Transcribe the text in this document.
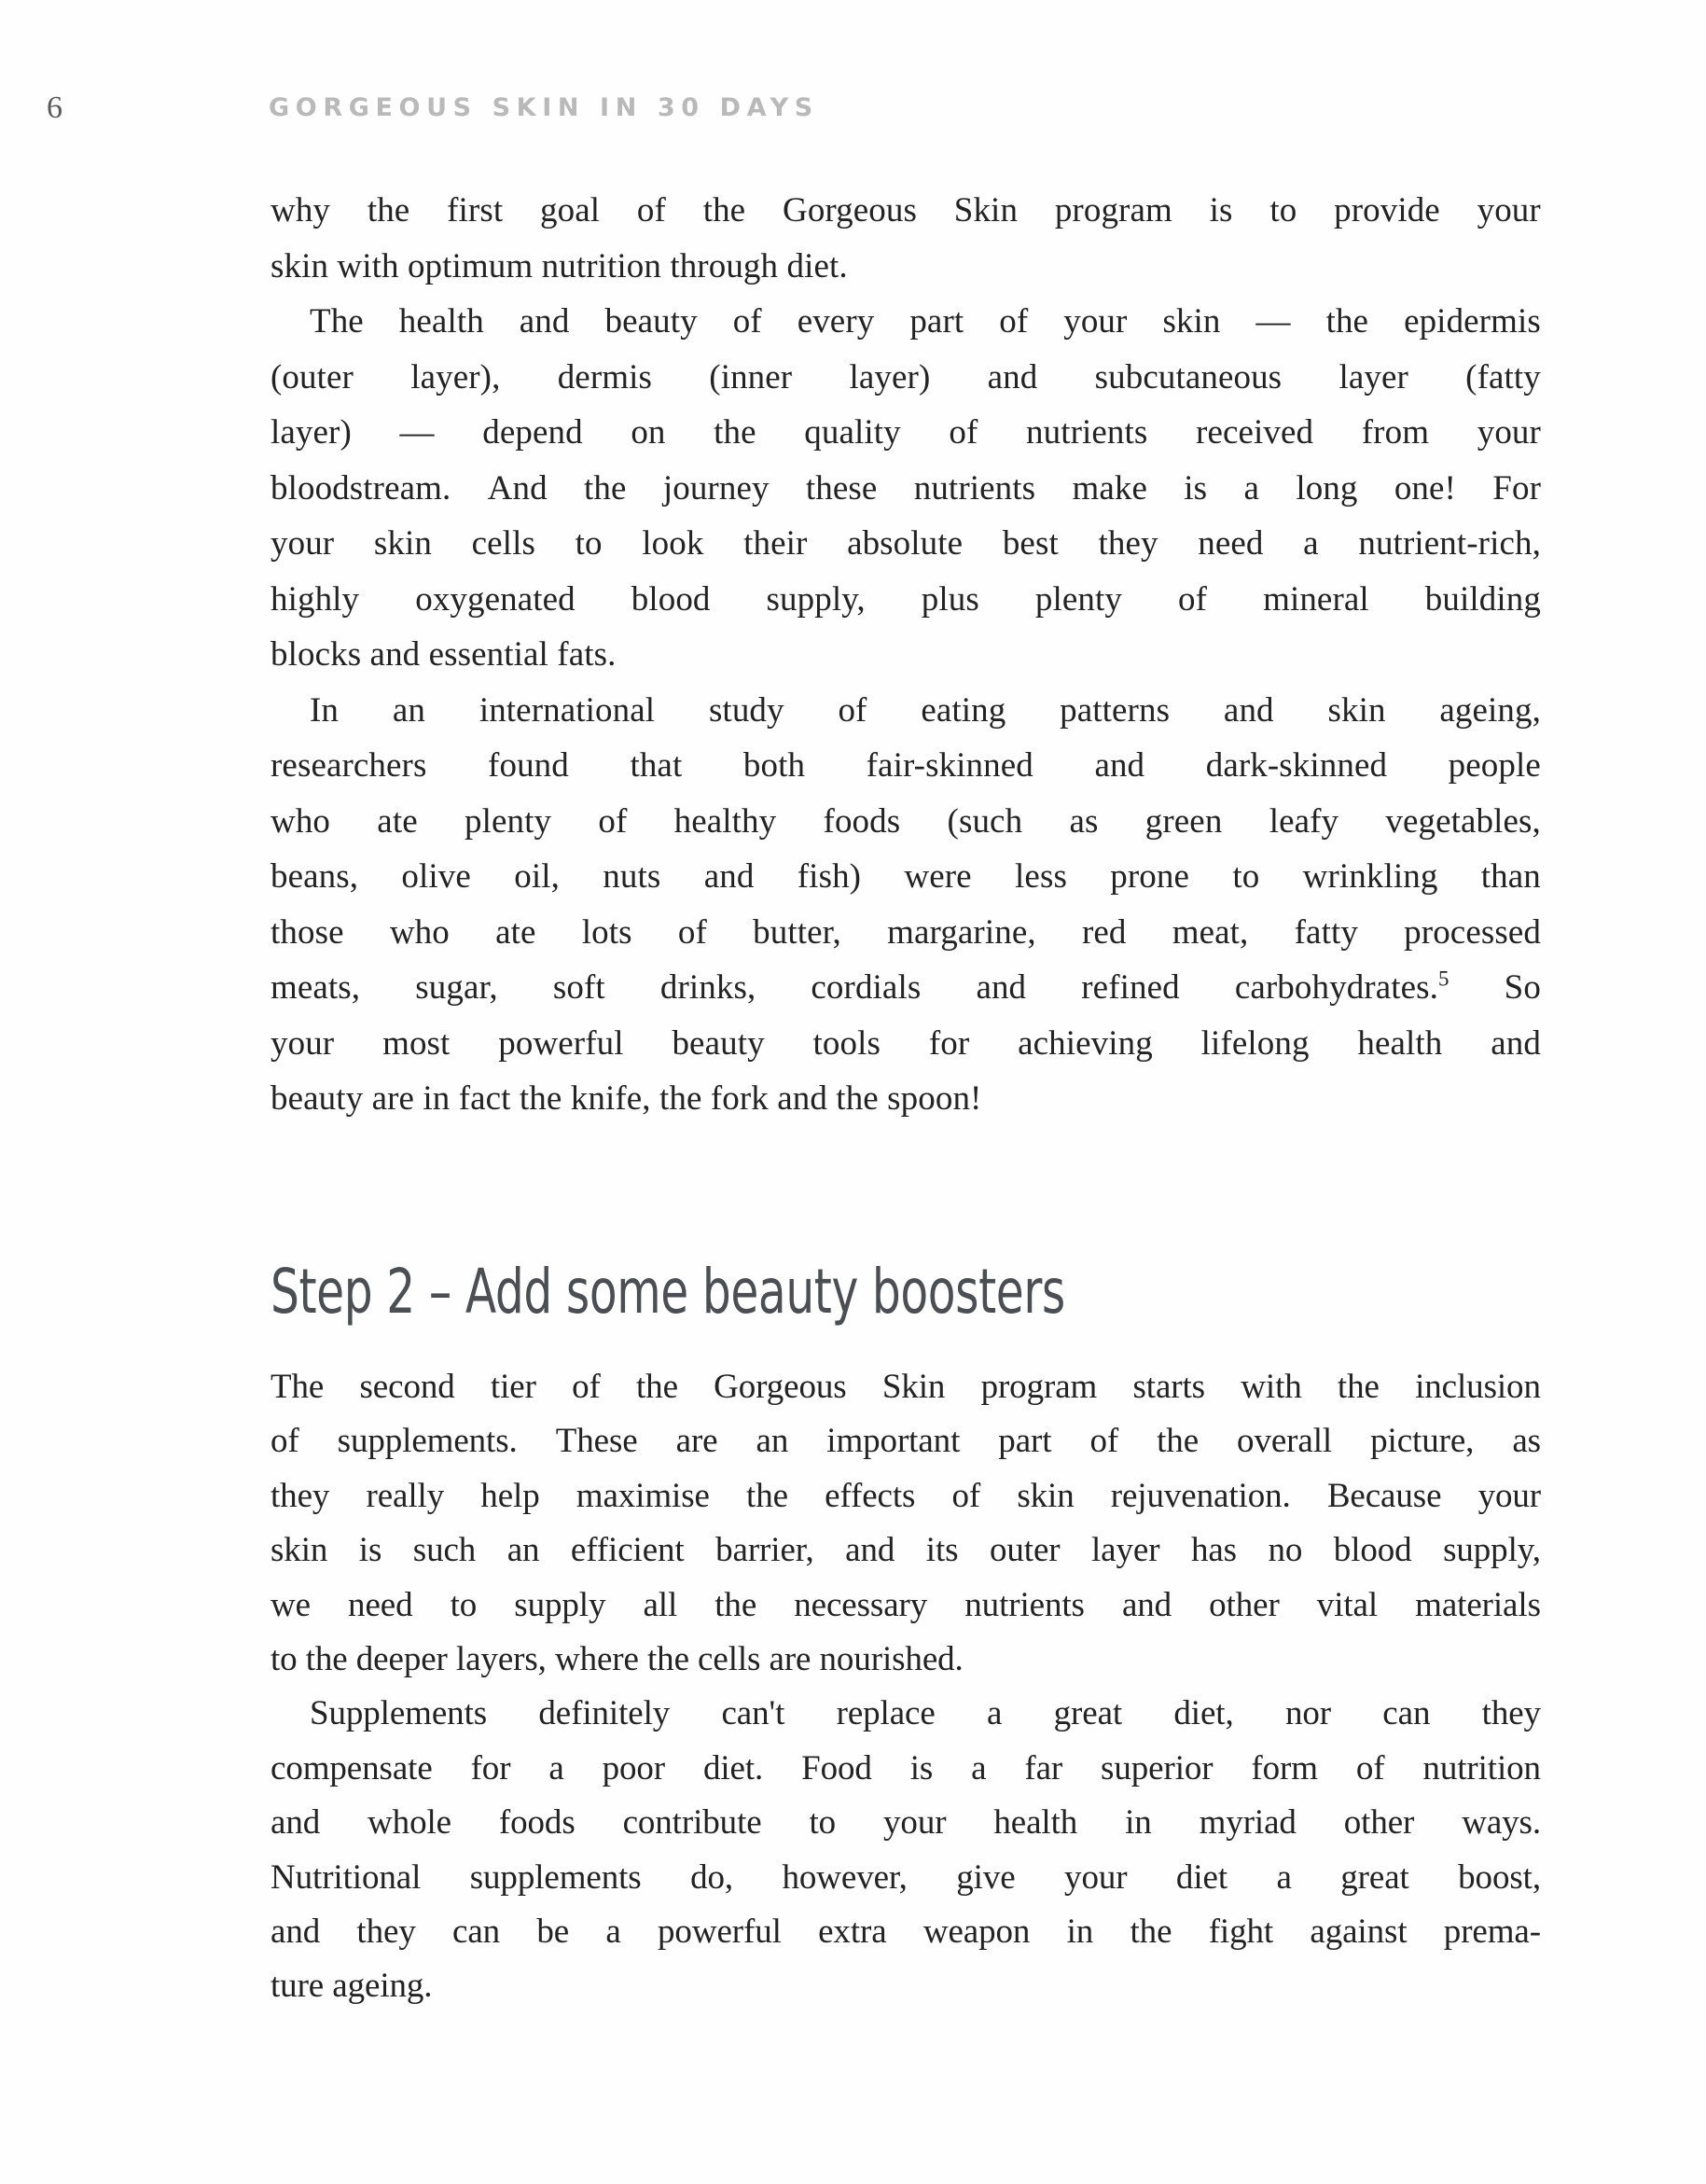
6	GORGEOUS SKIN IN 30 DAYS
why the first goal of the Gorgeous Skin program is to provide your
skin with optimum nutrition through diet.
The health and beauty of every part of your skin — the epidermis
(outer layer), dermis (inner layer) and subcutaneous layer (fatty
layer) — depend on the quality of nutrients received from your
bloodstream. And the journey these nutrients make is a long one! For
your skin cells to look their absolute best they need a nutrient-rich,
highly oxygenated blood supply, plus plenty of mineral building
blocks and essential fats.
In an international study of eating patterns and skin ageing,
researchers found that both fair-skinned and dark-skinned people
who ate plenty of healthy foods (such as green leafy vegetables,
beans, olive oil, nuts and fish) were less prone to wrinkling than
those who ate lots of butter, margarine, red meat, fatty processed
meats, sugar, soft drinks, cordials and refined carbohydrates.$^5$ So
your most powerful beauty tools for achieving lifelong health and
beauty are in fact the knife, the fork and the spoon!
Step 2 – Add some beauty boosters
The second tier of the Gorgeous Skin program starts with the inclusion
of supplements. These are an important part of the overall picture, as
they really help maximise the effects of skin rejuvenation. Because your
skin is such an efficient barrier, and its outer layer has no blood supply,
we need to supply all the necessary nutrients and other vital materials
to the deeper layers, where the cells are nourished.
Supplements definitely can't replace a great diet, nor can they
compensate for a poor diet. Food is a far superior form of nutrition
and whole foods contribute to your health in myriad other ways.
Nutritional supplements do, however, give your diet a great boost,
and they can be a powerful extra weapon in the fight against prema-
ture ageing.
